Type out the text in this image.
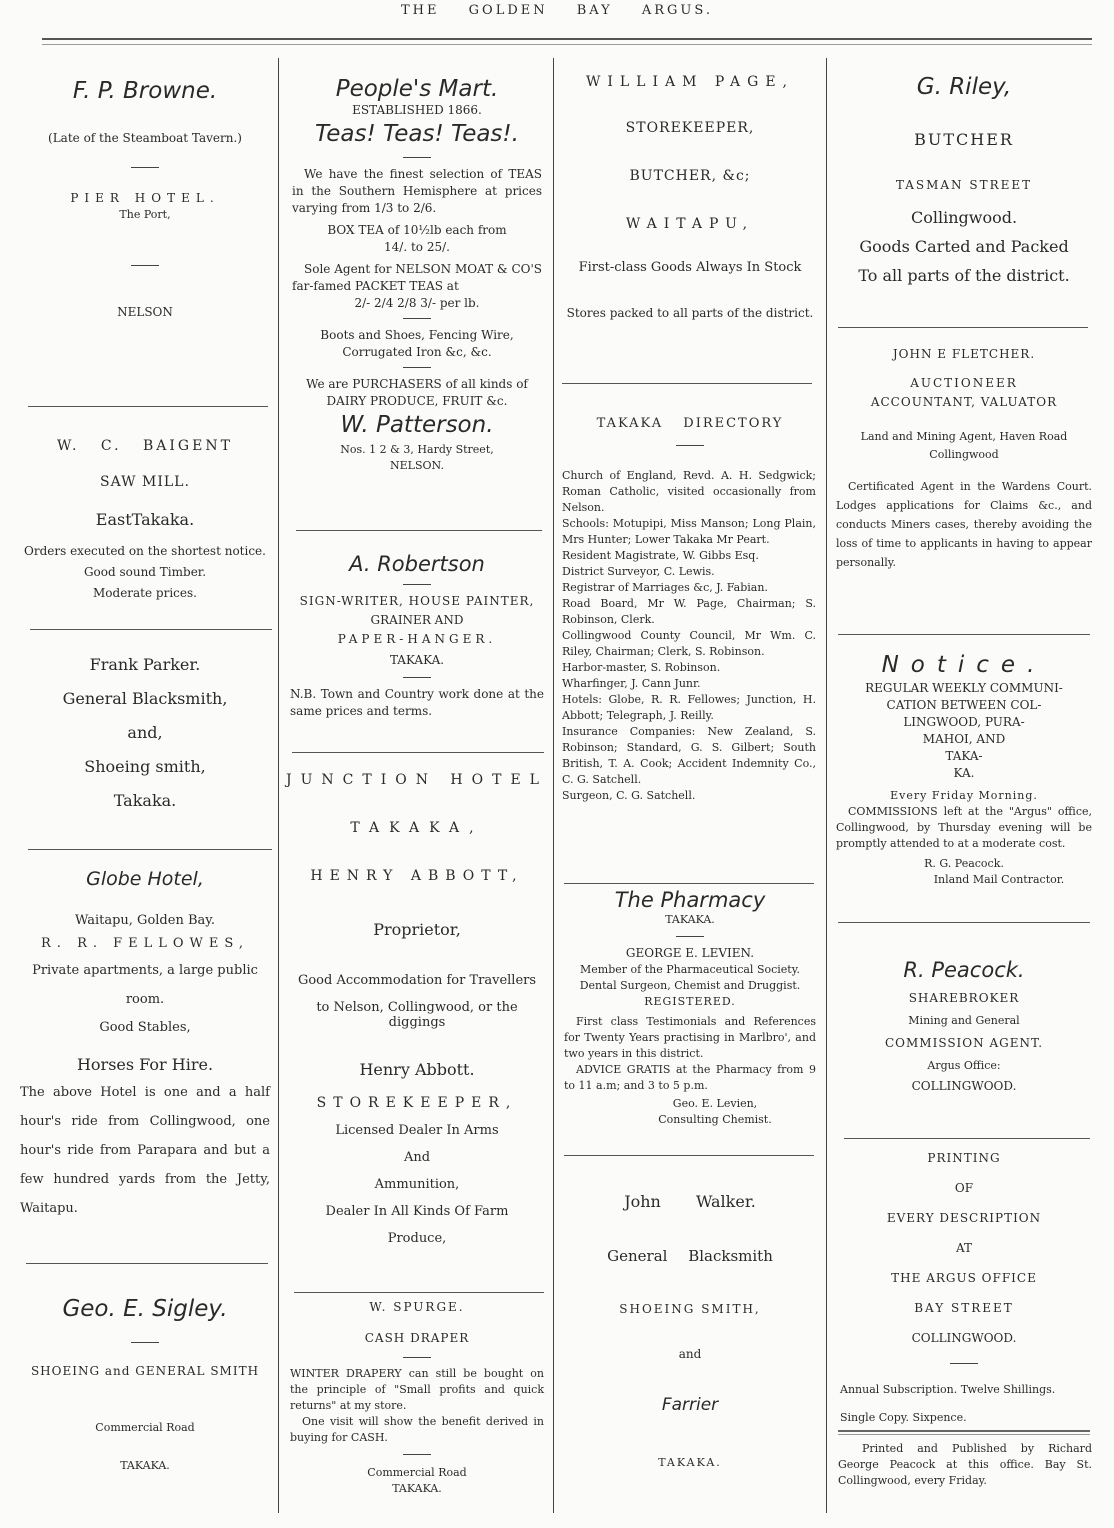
THE GOLDEN BAY ARGUS.

F. P. Browne.

(Late of the Steamboat Tavern.)

PIER HOTEL.

The Port,

NELSON

W. C. BAIGENT

SAW MILL.

EastTakaka.

Orders executed on the shortest notice.

Good sound Timber.

Moderate prices.

Frank Parker.

General Blacksmith,

and,

Shoeing smith,

Takaka.

Globe Hotel,

Waitapu, Golden Bay.

R. R. FELLOWES,

Private apartments, a large public room.

Good Stables,

Horses For Hire.

The above Hotel is one and a half hour's ride from Collingwood, one hour's ride from Parapara and but a few hundred yards from the Jetty, Waitapu.

Geo. E. Sigley.

SHOEING and GENERAL SMITH

Commercial Road

TAKAKA.

People's Mart.

ESTABLISHED 1866.

Teas! Teas! Teas!.

We have the finest selection of TEAS in the Southern Hemisphere at prices varying from 1/3 to 2/6.

BOX TEA of 10½lb each from

14/. to 25/.

Sole Agent for NELSON MOAT & CO'S far-famed PACKET TEAS at

2/- 2/4 2/8 3/- per lb.

Boots and Shoes, Fencing Wire, Corrugated Iron &c, &c.

We are PURCHASERS of all kinds of DAIRY PRODUCE, FRUIT &c.

W. Patterson.

Nos. 1 2 & 3, Hardy Street,

NELSON.

A. Robertson

SIGN-WRITER, HOUSE PAINTER,

GRAINER AND

PAPER-HANGER.

TAKAKA.

N.B. Town and Country work done at the same prices and terms.

JUNCTION HOTEL

TAKAKA,

HENRY ABBOTT,

Proprietor,

Good Accommodation for Travellers

to Nelson, Collingwood, or the diggings

Henry Abbott.

STOREKEEPER,

Licensed Dealer In Arms

And

Ammunition,

Dealer In All Kinds Of Farm

Produce,

W. SPURGE.

CASH DRAPER

WINTER DRAPERY can still be bought on the principle of "Small profits and quick returns" at my store.

One visit will show the benefit derived in buying for CASH.

Commercial Road

TAKAKA.

WILLIAM PAGE,

STOREKEEPER,

BUTCHER, &c;

WAITAPU,

First-class Goods Always In Stock

Stores packed to all parts of the district.

TAKAKA DIRECTORY

Church of England, Revd. A. H. Sedgwick; Roman Catholic, visited occasionally from Nelson.

Schools: Motupipi, Miss Manson; Long Plain, Mrs Hunter; Lower Takaka Mr Peart.

Resident Magistrate, W. Gibbs Esq.

District Surveyor, C. Lewis.

Registrar of Marriages &c, J. Fabian.

Road Board, Mr W. Page, Chairman; S. Robinson, Clerk.

Collingwood County Council, Mr Wm. C. Riley, Chairman; Clerk, S. Robinson.

Harbor-master, S. Robinson.

Wharfinger, J. Cann Junr.

Hotels: Globe, R. R. Fellowes; Junction, H. Abbott; Telegraph, J. Reilly.

Insurance Companies: New Zealand, S. Robinson; Standard, G. S. Gilbert; South British, T. A. Cook; Accident Indemnity Co., C. G. Satchell.

Surgeon, C. G. Satchell.

The Pharmacy

TAKAKA.

GEORGE E. LEVIEN.

Member of the Pharmaceutical Society.

Dental Surgeon, Chemist and Druggist.

REGISTERED.

First class Testimonials and References for Twenty Years practising in Marlbro', and two years in this district.

ADVICE GRATIS at the Pharmacy from 9 to 11 a.m; and 3 to 5 p.m.

Geo. E. Levien,

Consulting Chemist.

John Walker.

General Blacksmith

SHOEING SMITH,

and

Farrier

TAKAKA.

G. Riley,

BUTCHER

TASMAN STREET

Collingwood.

Goods Carted and Packed

To all parts of the district.

JOHN E FLETCHER.

AUCTIONEER

ACCOUNTANT, VALUATOR

Land and Mining Agent, Haven Road

Collingwood

Certificated Agent in the Wardens Court. Lodges applications for Claims &c., and conducts Miners cases, thereby avoiding the loss of time to applicants in having to appear personally.

Notice.

REGULAR WEEKLY COMMUNI-

CATION BETWEEN COL-

LINGWOOD, PURA-

MAHOI, AND

TAKA-

KA.

Every Friday Morning.

COMMISSIONS left at the "Argus" office, Collingwood, by Thursday evening will be promptly attended to at a moderate cost.

R. G. Peacock.

Inland Mail Contractor.

R. Peacock.

SHAREBROKER

Mining and General

COMMISSION AGENT.

Argus Office:

COLLINGWOOD.

PRINTING

OF

EVERY DESCRIPTION

AT

THE ARGUS OFFICE

BAY STREET

COLLINGWOOD.

Annual Subscription. Twelve Shillings.

Single Copy. Sixpence.

Printed and Published by Richard George Peacock at this office. Bay St. Collingwood, every Friday.
